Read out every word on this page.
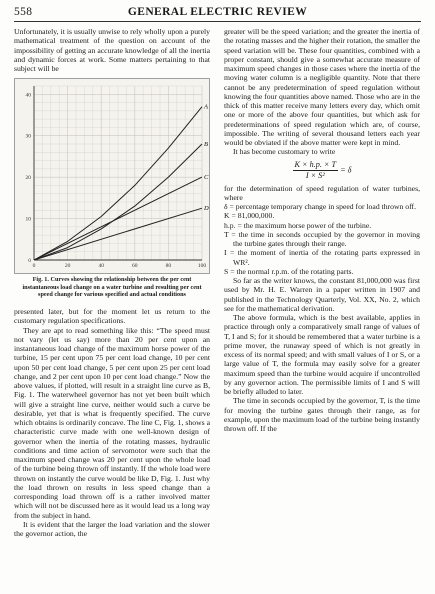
558	GENERAL ELECTRIC REVIEW

Unfortunately, it is usually unwise to rely wholly upon a purely mathematical treatment of the question on account of the impossibility of getting an accurate knowledge of all the inertia and dynamic forces at work. Some matters pertaining to that subject will be

0	20	40	60	80	100
0
10
20
30
40
A
B
C
D
Fig. 1. Curves showing the relationship between the per cent instantaneous load change on a water turbine and resulting per cent speed change for various specified and actual conditions

presented later, but for the moment let us return to the customary regulation specifications.

They are apt to read something like this: “The speed must not vary (let us say) more than 20 per cent upon an instantaneous load change of the maximum horse power of the turbine, 15 per cent upon 75 per cent load change, 10 per cent upon 50 per cent load change, 5 per cent upon 25 per cent load change, and 2 per cent upon 10 per cent load change.” Now the above values, if plotted, will result in a straight line curve as B, Fig. 1. The waterwheel governor has not yet been built which will give a straight line curve, neither would such a curve be desirable, yet that is what is frequently specified. The curve which obtains is ordinarily concave. The line C, Fig. 1, shows a characteristic curve made with one well-known design of governor when the inertia of the rotating masses, hydraulic conditions and time action of servomotor were such that the maximum speed change was 20 per cent upon the whole load of the turbine being thrown off instantly. If the whole load were thrown on instantly the curve would be like D, Fig. 1. Just why the load thrown on results in less speed change than a corresponding load thrown off is a rather involved matter which will not be discussed here as it would lead us a long way from the subject in hand.

It is evident that the larger the load variation and the slower the governor action, the

greater will be the speed variation; and the greater the inertia of the rotating masses and the higher their rotation, the smaller the speed variation will be. These four quantities, combined with a proper constant, should give a somewhat accurate measure of maximum speed changes in those cases where the inertia of the moving water column is a negligible quantity. Note that there cannot be any predetermination of speed regulation without knowing the four quantities above named. Those who are in the thick of this matter receive many letters every day, which omit one or more of the above four quantities, but which ask for predeterminations of speed regulation which are, of course, impossible. The writing of several thousand letters each year would be obviated if the above matter were kept in mind.

It has become customary to write

$\frac{K \times h.p. \times T}{\text{I × S²}} = \delta$

for the determination of speed regulation of water turbines, where

δ = percentage temporary change in speed for load thrown off.

K = 81,000,000.

h.p. = the maximum horse power of the turbine.

T = the time in seconds occupied by the governor in moving the turbine gates through their range.

I = the moment of inertia of the rotating parts expressed in WR².

S = the normal r.p.m. of the rotating parts.

So far as the writer knows, the constant 81,000,000 was first used by Mr. H. E. Warren in a paper written in 1907 and published in the Technology Quarterly, Vol. XX, No. 2, which see for the mathematical derivation.

The above formula, which is the best available, applies in practice through only a comparatively small range of values of T, I and S; for it should be remembered that a water turbine is a prime mover, the runaway speed of which is not greatly in excess of its normal speed; and with small values of I or S, or a large value of T, the formula may easily solve for a greater maximum speed than the turbine would acquire if uncontrolled by any governor action. The permissible limits of I and S will be briefly alluded to later.

The time in seconds occupied by the governor, T, is the time for moving the turbine gates through their range, as for example, upon the maximum load of the turbine being instantly thrown off. If the
